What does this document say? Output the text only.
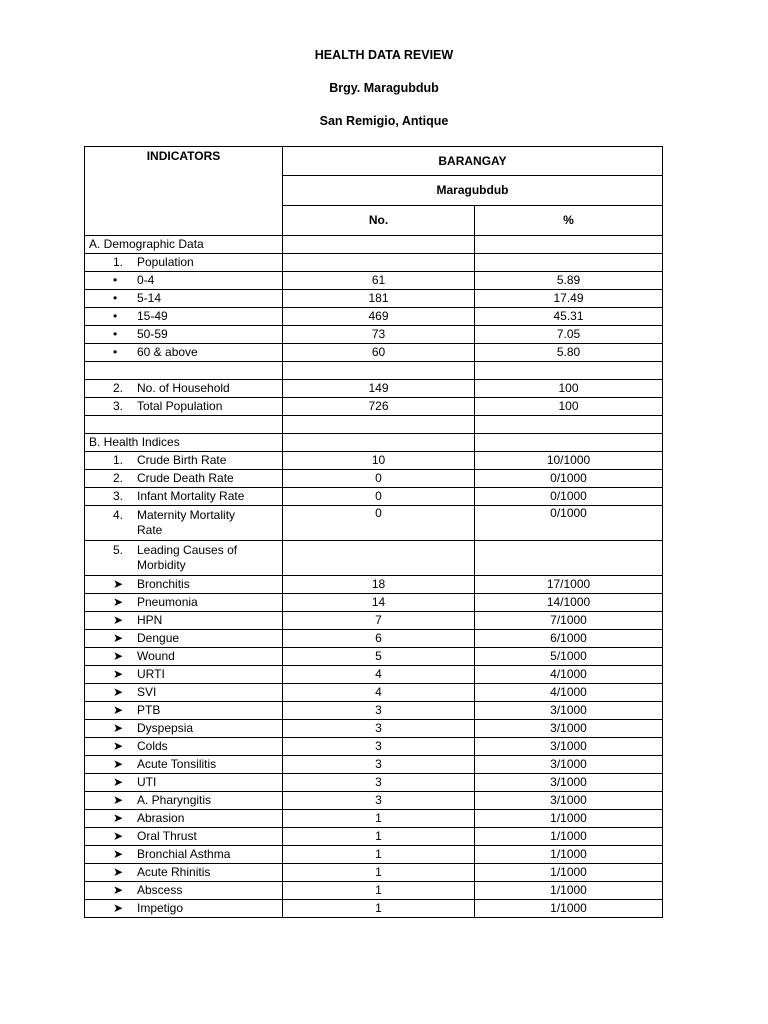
HEALTH DATA REVIEW
Brgy. Maragubdub
San Remigio, Antique
INDICATORS	BARANGAY	
	Maragubdub	
	No.	%
A. Demographic Data		
1. Population		
• 0-4	61	5.89
• 5-14	181	17.49
• 15-49	469	45.31
• 50-59	73	7.05
• 60 & above	60	5.80

2. No. of Household	149	100
3. Total Population	726	100

B. Health Indices		
1. Crude Birth Rate	10	10/1000
2. Crude Death Rate	0	0/1000
3. Infant Mortality Rate	0	0/1000
4. Maternity Mortality
Rate	0	0/1000
5. Leading Causes of
Morbidity		
➤ Bronchitis	18	17/1000
➤ Pneumonia	14	14/1000
➤ HPN	7	7/1000
➤ Dengue	6	6/1000
➤ Wound	5	5/1000
➤ URTI	4	4/1000
➤ SVI	4	4/1000
➤ PTB	3	3/1000
➤ Dyspepsia	3	3/1000
➤ Colds	3	3/1000
➤ Acute Tonsilitis	3	3/1000
➤ UTI	3	3/1000
➤ A. Pharyngitis	3	3/1000
➤ Abrasion	1	1/1000
➤ Oral Thrust	1	1/1000
➤ Bronchial Asthma	1	1/1000
➤ Acute Rhinitis	1	1/1000
➤ Abscess	1	1/1000
➤ Impetigo	1	1/1000
